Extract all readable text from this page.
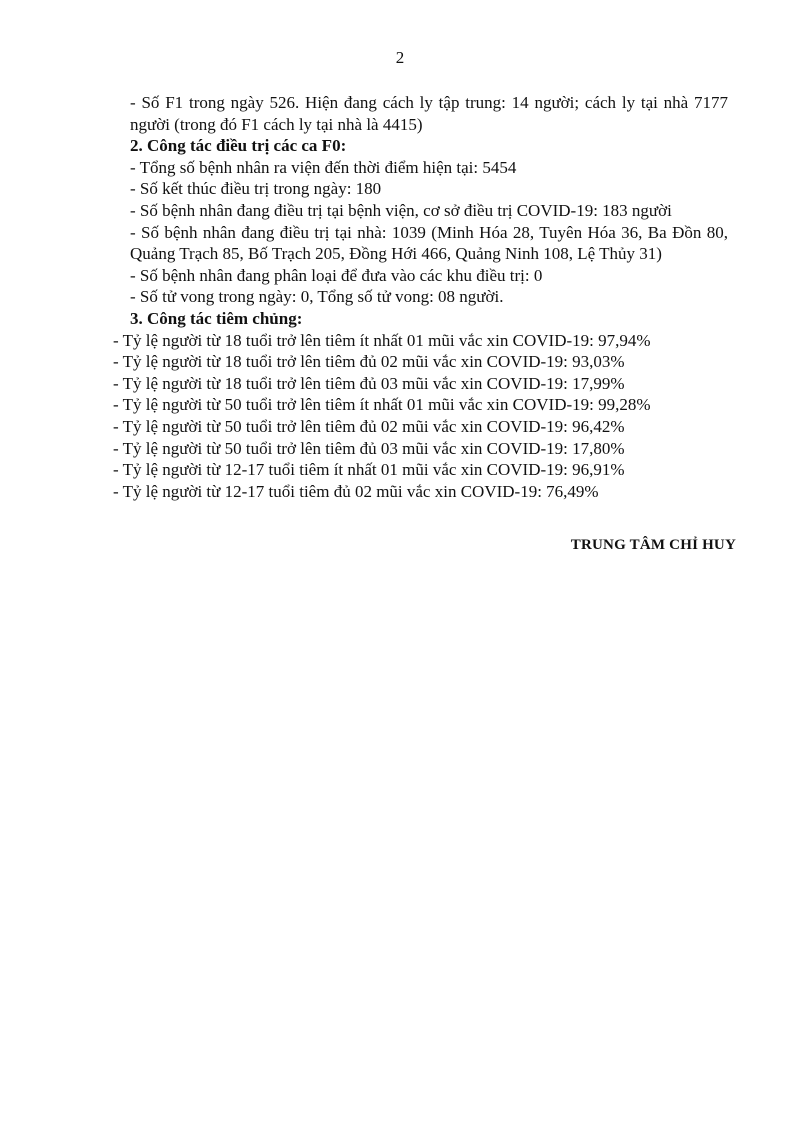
2
- Số F1 trong ngày 526. Hiện đang cách ly tập trung: 14 người; cách ly tại nhà 7177 người (trong đó F1 cách ly tại nhà là 4415)
2. Công tác điều trị các ca F0:
- Tổng số bệnh nhân ra viện đến thời điểm hiện tại: 5454
- Số kết thúc điều trị trong ngày: 180
- Số bệnh nhân đang điều trị tại bệnh viện, cơ sở điều trị COVID-19: 183 người
- Số bệnh nhân đang điều trị tại nhà: 1039 (Minh Hóa 28, Tuyên Hóa 36, Ba Đồn 80, Quảng Trạch 85, Bố Trạch 205, Đồng Hới 466, Quảng Ninh 108, Lệ Thủy 31)
- Số bệnh nhân đang phân loại để đưa vào các khu điều trị: 0
- Số tử vong trong ngày: 0, Tổng số tử vong: 08 người.
3. Công tác tiêm chủng:
- Tỷ lệ người từ 18 tuổi trở lên tiêm ít nhất 01 mũi vắc xin COVID-19: 97,94%
- Tỷ lệ người từ 18 tuổi trở lên tiêm đủ 02 mũi vắc xin COVID-19: 93,03%
- Tỷ lệ người từ 18 tuổi trở lên tiêm đủ 03 mũi vắc xin COVID-19: 17,99%
- Tỷ lệ người từ 50 tuổi trở lên tiêm ít nhất 01 mũi vắc xin COVID-19: 99,28%
- Tỷ lệ người từ 50 tuổi trở lên tiêm đủ 02 mũi vắc xin COVID-19: 96,42%
- Tỷ lệ người từ 50 tuổi trở lên tiêm đủ 03 mũi vắc xin COVID-19: 17,80%
- Tỷ lệ người từ 12-17 tuổi tiêm ít nhất 01 mũi vắc xin COVID-19: 96,91%
- Tỷ lệ người từ 12-17 tuổi tiêm đủ 02 mũi vắc xin COVID-19: 76,49%
TRUNG TÂM CHỈ HUY
